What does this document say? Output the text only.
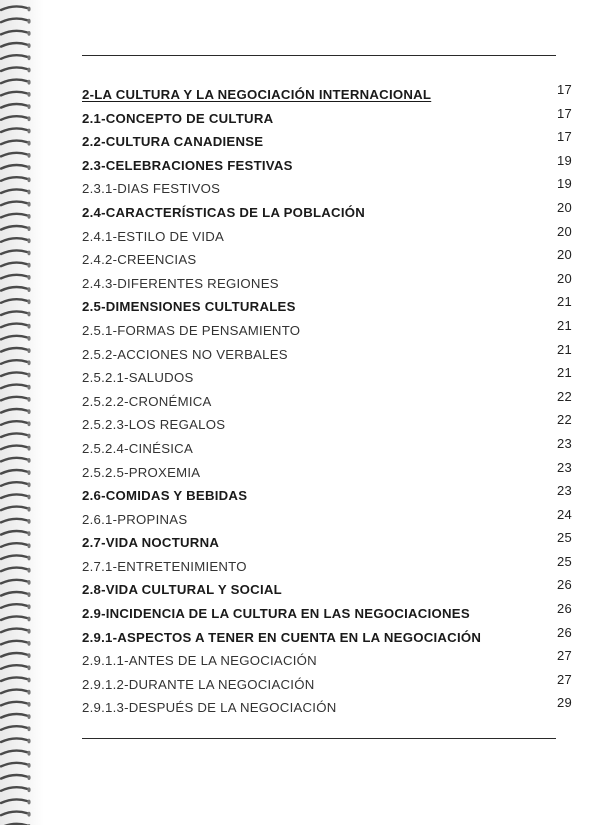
2-LA CULTURA Y LA NEGOCIACIÓN INTERNACIONAL	17
2.1-CONCEPTO DE CULTURA	17
2.2-CULTURA CANADIENSE	17
2.3-CELEBRACIONES FESTIVAS	19
2.3.1-DIAS FESTIVOS	19
2.4-CARACTERÍSTICAS DE LA POBLACIÓN	20
2.4.1-ESTILO DE VIDA	20
2.4.2-CREENCIAS	20
2.4.3-DIFERENTES REGIONES	20
2.5-DIMENSIONES CULTURALES	21
2.5.1-FORMAS DE PENSAMIENTO	21
2.5.2-ACCIONES NO VERBALES	21
2.5.2.1-SALUDOS	21
2.5.2.2-CRONÉMICA	22
2.5.2.3-LOS REGALOS	22
2.5.2.4-CINÉSICA	23
2.5.2.5-PROXEMIA	23
2.6-COMIDAS Y BEBIDAS	23
2.6.1-PROPINAS	24
2.7-VIDA NOCTURNA	25
2.7.1-ENTRETENIMIENTO	25
2.8-VIDA CULTURAL Y SOCIAL	26
2.9-INCIDENCIA DE LA CULTURA EN LAS NEGOCIACIONES	26
2.9.1-ASPECTOS A TENER EN CUENTA EN LA NEGOCIACIÓN	26
2.9.1.1-ANTES DE LA NEGOCIACIÓN	27
2.9.1.2-DURANTE LA NEGOCIACIÓN	27
2.9.1.3-DESPUÉS DE LA NEGOCIACIÓN	29
